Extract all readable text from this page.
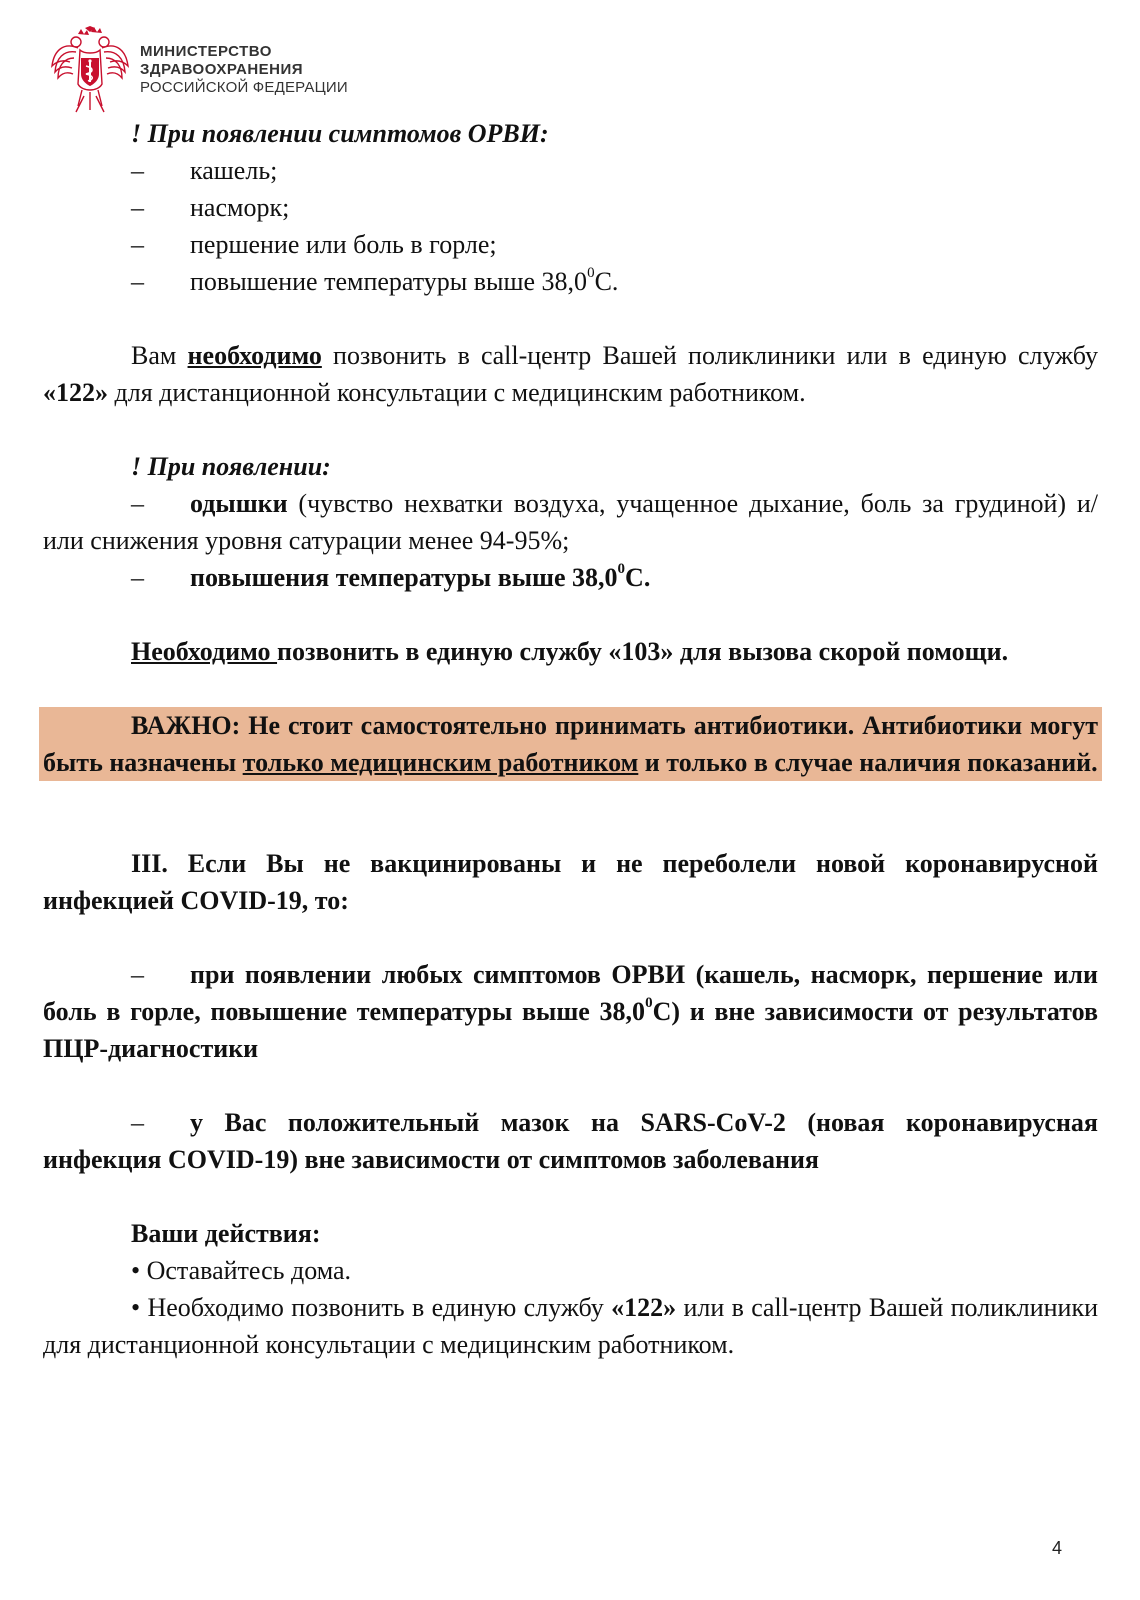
МИНИСТЕРСТВО
ЗДРАВООХРАНЕНИЯ
РОССИЙСКОЙ ФЕДЕРАЦИИ

! При появлении симптомов ОРВИ:

– кашель;

– насморк;

– першение или боль в горле;

– повышение температуры выше 38,0$^0$С.

Вам необходимо позвонить в call-центр Вашей поликлиники или в единую службу «122» для дистанционной консультации с медицинским работником.

! При появлении:

– одышки (чувство нехватки воздуха, учащенное дыхание, боль за грудиной) и/или снижения уровня сатурации менее 94-95%;

– повышения температуры выше 38,0$^0$С.

Необходимо позвонить в единую службу «103» для вызова скорой помощи.

ВАЖНО: Не стоит самостоятельно принимать антибиотики. Антибиотики могут быть назначены только медицинским работником и только в случае наличия показаний.

III. Если Вы не вакцинированы и не переболели новой коронавирусной инфекцией COVID-19, то:

– при появлении любых симптомов ОРВИ (кашель, насморк, першение или боль в горле, повышение температуры выше 38,0$^0$С) и вне зависимости от результатов ПЦР-диагностики

– у Вас положительный мазок на SARS-CoV-2 (новая коронавирусная инфекция COVID-19) вне зависимости от симптомов заболевания

Ваши действия:

• Оставайтесь дома.

• Необходимо позвонить в единую службу «122» или в call-центр Вашей поликлиники для дистанционной консультации с медицинским работником.

4
